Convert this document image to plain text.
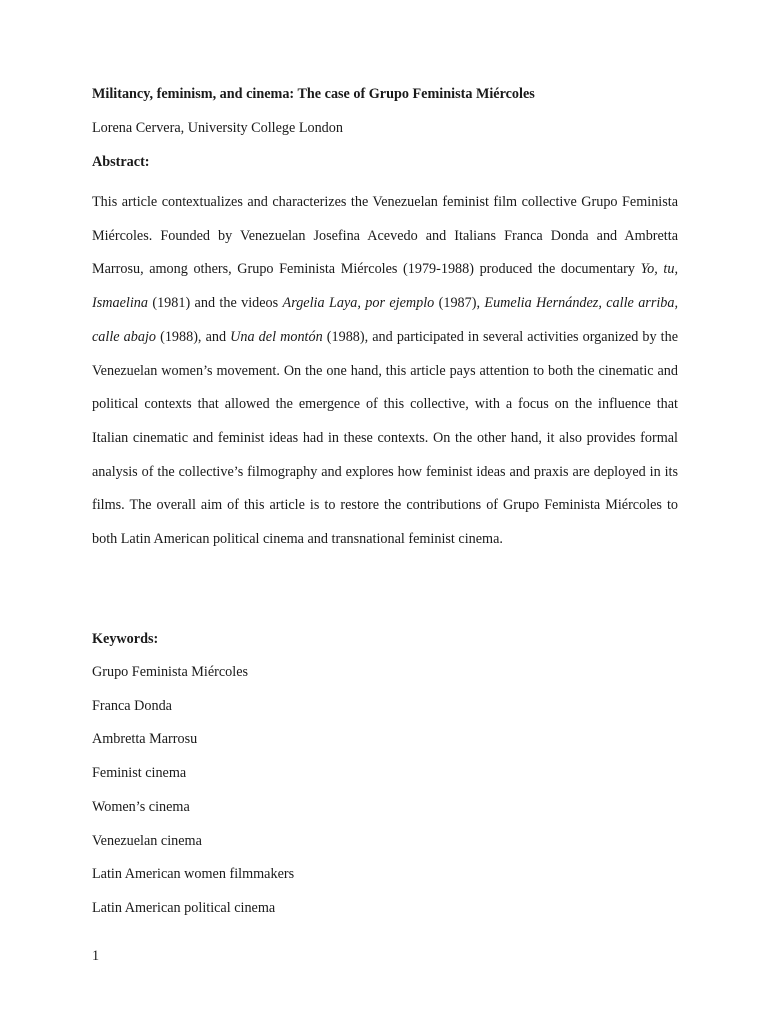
Militancy, feminism, and cinema: The case of Grupo Feminista Miércoles
Lorena Cervera, University College London
Abstract:

This article contextualizes and characterizes the Venezuelan feminist film collective Grupo Feminista Miércoles. Founded by Venezuelan Josefina Acevedo and Italians Franca Donda and Ambretta Marrosu, among others, Grupo Feminista Miércoles (1979-1988) produced the documentary Yo, tu, Ismaelina (1981) and the videos Argelia Laya, por ejemplo (1987), Eumelia Hernández, calle arriba, calle abajo (1988), and Una del montón (1988), and participated in several activities organized by the Venezuelan women’s movement. On the one hand, this article pays attention to both the cinematic and political contexts that allowed the emergence of this collective, with a focus on the influence that Italian cinematic and feminist ideas had in these contexts. On the other hand, it also provides formal analysis of the collective’s filmography and explores how feminist ideas and praxis are deployed in its films. The overall aim of this article is to restore the contributions of Grupo Feminista Miércoles to both Latin American political cinema and transnational feminist cinema.

Keywords:
Grupo Feminista Miércoles
Franca Donda
Ambretta Marrosu
Feminist cinema
Women’s cinema
Venezuelan cinema
Latin American women filmmakers
Latin American political cinema
1
